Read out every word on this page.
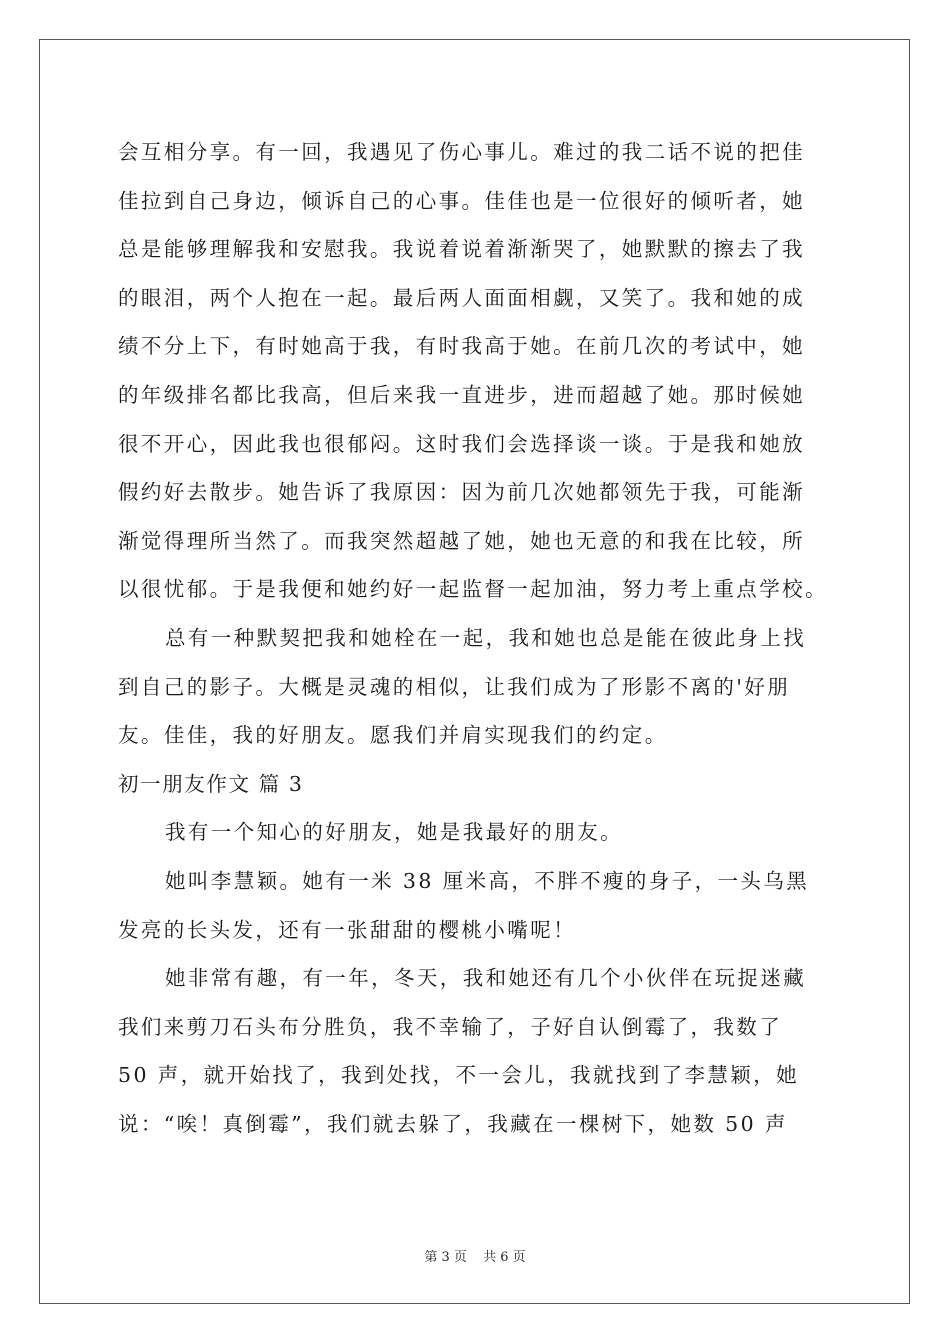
会互相分享。有一回，我遇见了伤心事儿。难过的我二话不说的把佳
佳拉到自己身边，倾诉自己的心事。佳佳也是一位很好的倾听者，她
总是能够理解我和安慰我。我说着说着渐渐哭了，她默默的擦去了我
的眼泪，两个人抱在一起。最后两人面面相觑，又笑了。我和她的成
绩不分上下，有时她高于我，有时我高于她。在前几次的考试中，她
的年级排名都比我高，但后来我一直进步，进而超越了她。那时候她
很不开心，因此我也很郁闷。这时我们会选择谈一谈。于是我和她放
假约好去散步。她告诉了我原因：因为前几次她都领先于我，可能渐
渐觉得理所当然了。而我突然超越了她，她也无意的和我在比较，所
以很忧郁。于是我便和她约好一起监督一起加油，努力考上重点学校。
总有一种默契把我和她栓在一起，我和她也总是能在彼此身上找
到自己的影子。大概是灵魂的相似，让我们成为了形影不离的'好朋
友。佳佳，我的好朋友。愿我们并肩实现我们的约定。
初一朋友作文 篇 3
我有一个知心的好朋友，她是我最好的朋友。
她叫李慧颖。她有一米 38 厘米高，不胖不瘦的身子，一头乌黑
发亮的长头发，还有一张甜甜的樱桃小嘴呢！
她非常有趣，有一年，冬天，我和她还有几个小伙伴在玩捉迷藏
我们来剪刀石头布分胜负，我不幸输了，子好自认倒霉了，我数了
50 声，就开始找了，我到处找，不一会儿，我就找到了李慧颖，她
说：“唉！真倒霉”，我们就去躲了，我藏在一棵树下，她数 50 声
第 3 页 共 6 页
